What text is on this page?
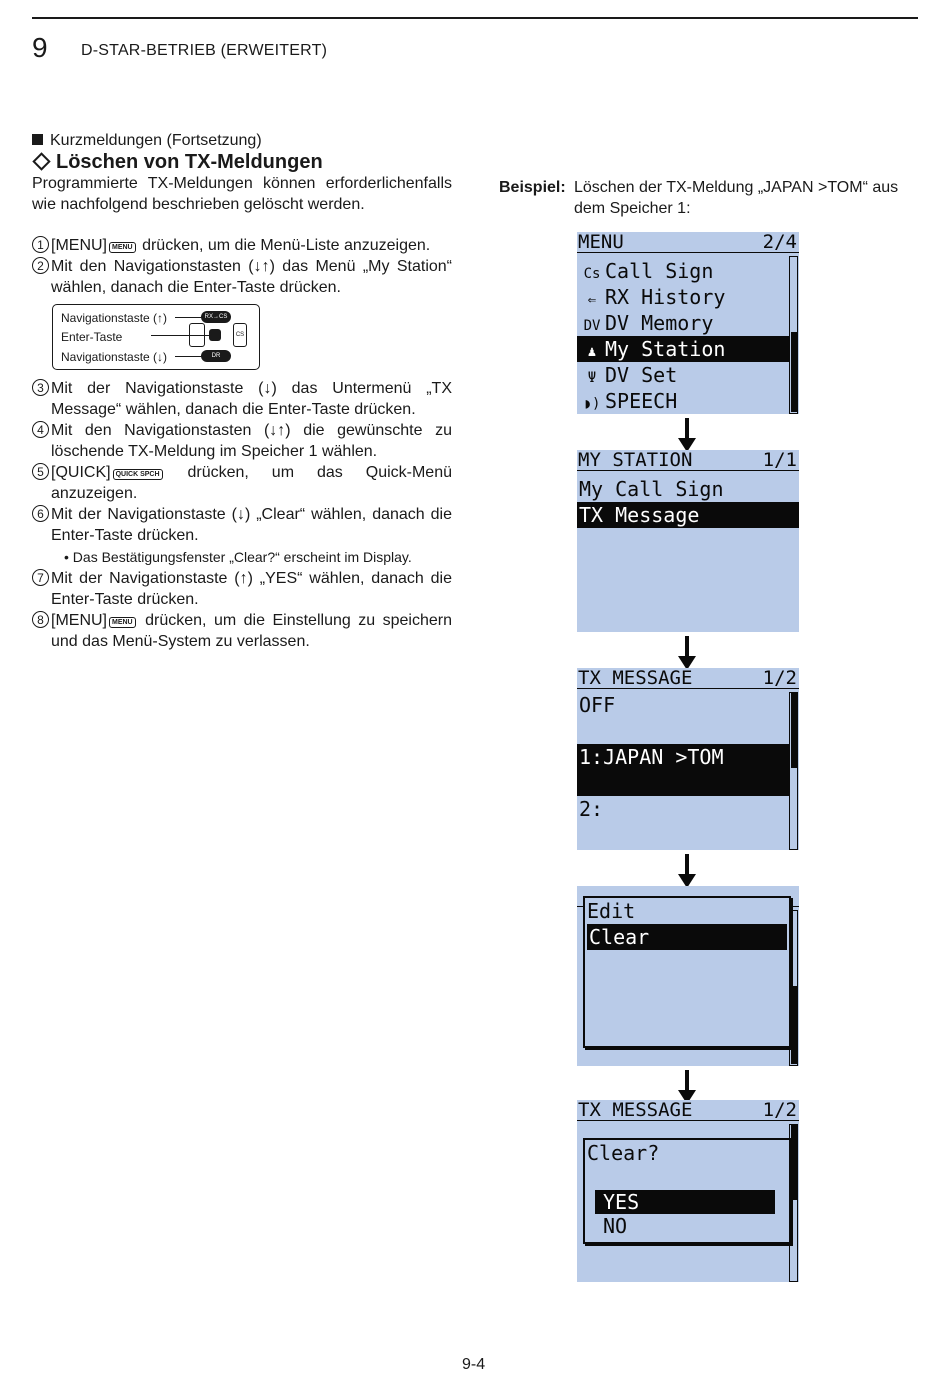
9 D-STAR-BETRIEB (ERWEITERT)
Kurzmeldungen (Fortsetzung)
Löschen von TX-Meldungen
Programmierte TX-Meldungen können erforderlichenfalls wie nachfolgend beschrieben gelöscht werden.
1 [MENU] MENU drücken, um die Menü-Liste anzuzeigen.
2 Mit den Navigationstasten (↓↑) das Menü „My Station“ wählen, danach die Enter-Taste drücken.
Navigationstaste (↑)
Enter-Taste
Navigationstaste (↓)
RX→CS
CS
DR
3 Mit der Navigationstaste (↓) das Untermenü „TX Message“ wählen, danach die Enter-Taste drücken.
4 Mit den Navigationstasten (↓↑) die gewünschte zu löschende TX-Meldung im Speicher 1 wählen.
5 [QUICK] QUICK SPCH drücken, um das Quick-Menü anzuzeigen.
6 Mit der Navigationstaste (↓) „Clear“ wählen, danach die Enter-Taste drücken.
• Das Bestätigungsfenster „Clear?“ erscheint im Display.
7 Mit der Navigationstaste (↑) „YES“ wählen, danach die Enter-Taste drücken.
8 [MENU] MENU drücken, um die Einstellung zu speichern und das Menü-System zu verlassen.
Beispiel: Löschen der TX-Meldung „JAPAN >TOM“ aus dem Speicher 1:
MENU	2/4
Cs Call Sign
⇐ RX History
DV DV Memory
♟ My Station
Ψ DV Set
◗) SPEECH
MY STATION	1/1
My Call Sign
TX Message
TX MESSAGE	1/2
OFF
1:JAPAN >TOM
2:
Edit
Clear
TX MESSAGE	1/2
Clear?
YES
NO
9-4
